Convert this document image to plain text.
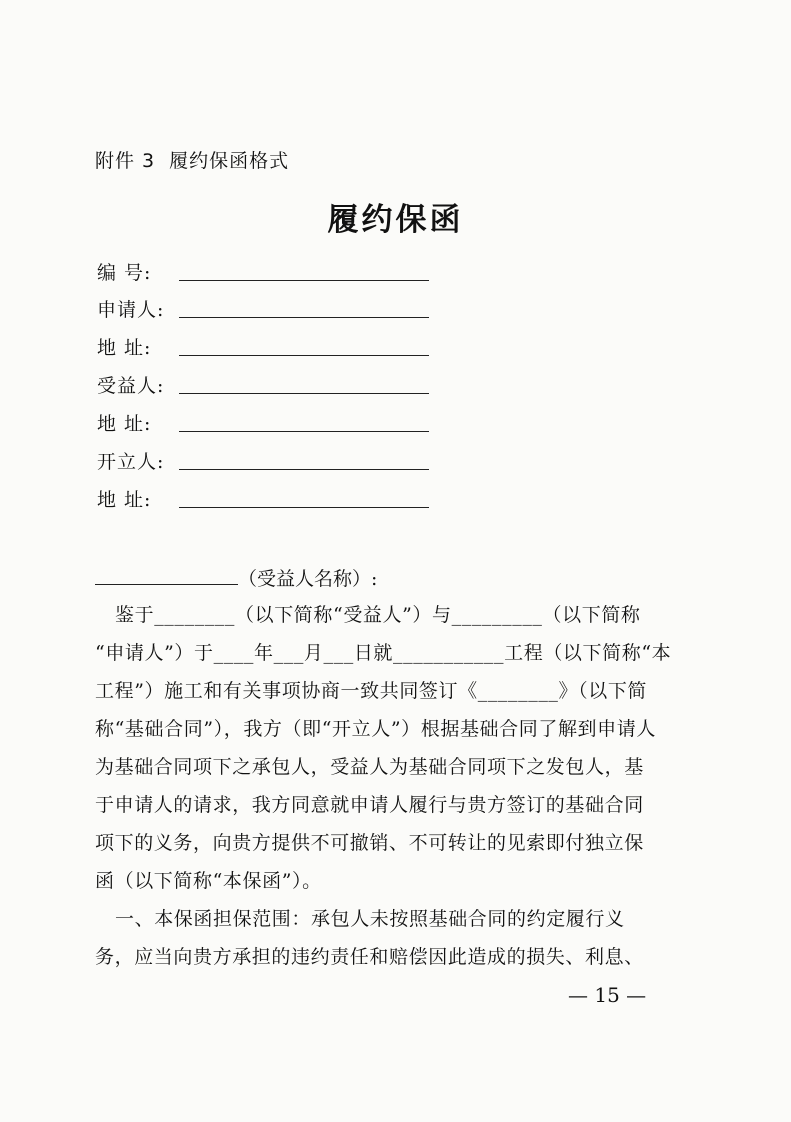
附件 3 履约保函格式
履约保函
编 号:
申请人:
地 址:
受益人:
地 址:
开立人:
地 址:
（受益人名称）:
鉴于________（以下简称“受益人”）与_________（以下简称
“申请人”）于____年___月___日就___________工程（以下简称“本
工程”）施工和有关事项协商一致共同签订《________》（以下简
称“基础合同”），我方（即“开立人”）根据基础合同了解到申请人
为基础合同项下之承包人，受益人为基础合同项下之发包人，基
于申请人的请求，我方同意就申请人履行与贵方签订的基础合同
项下的义务，向贵方提供不可撤销、不可转让的见索即付独立保
函（以下简称“本保函”）。
一、本保函担保范围：承包人未按照基础合同的约定履行义
务，应当向贵方承担的违约责任和赔偿因此造成的损失、利息、
— 15 —
